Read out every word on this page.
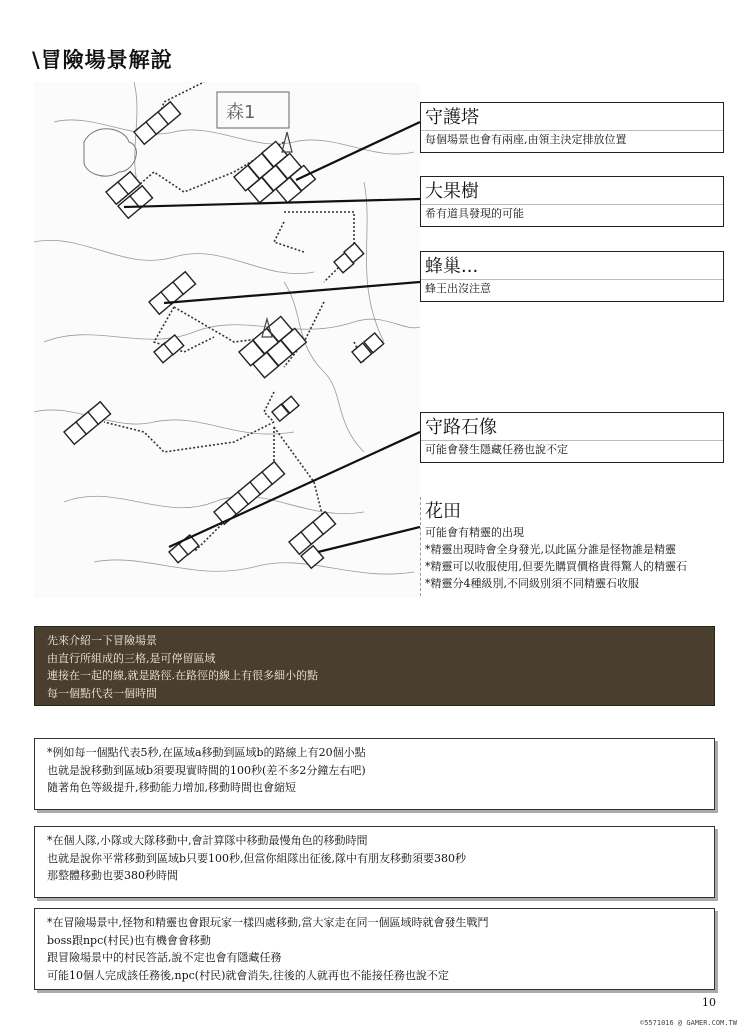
\冒險場景解說
森1	守護塔
每個場景也會有兩座,由領主決定排放位置
大果樹
希有道具發現的可能
蜂巢...
蜂王出沒注意
守路石像
可能會發生隱藏任務也說不定
花田
可能會有精靈的出現
*精靈出現時會全身發光,以此區分誰是怪物誰是精靈
*精靈可以收服使用,但要先購買價格貴得驚人的精靈石
*精靈分4種級別,不同級別須不同精靈石收服
先來介紹一下冒險場景
由直行所組成的三格,是可停留區域
連接在一起的線,就是路徑.在路徑的線上有很多細小的點
每一個點代表一個時間
*例如每一個點代表5秒,在區域a移動到區域b的路線上有20個小點
也就是說移動到區域b須要現實時間的100秒(差不多2分鐘左右吧)
隨著角色等級提升,移動能力增加,移動時間也會縮短
*在個人隊,小隊或大隊移動中,會計算隊中移動最慢角色的移動時間
也就是說你平常移動到區域b只要100秒,但當你組隊出征後,隊中有朋友移動須要380秒
那整體移動也要380秒時間
*在冒險場景中,怪物和精靈也會跟玩家一樣四處移動,當大家走在同一個區域時就會發生戰鬥
boss跟npc(村民)也有機會會移動
跟冒險場景中的村民答話,說不定也會有隱藏任務
可能10個人完成該任務後,npc(村民)就會消失,往後的人就再也不能接任務也說不定
10
©5571016 @ GAMER.COM.TW
